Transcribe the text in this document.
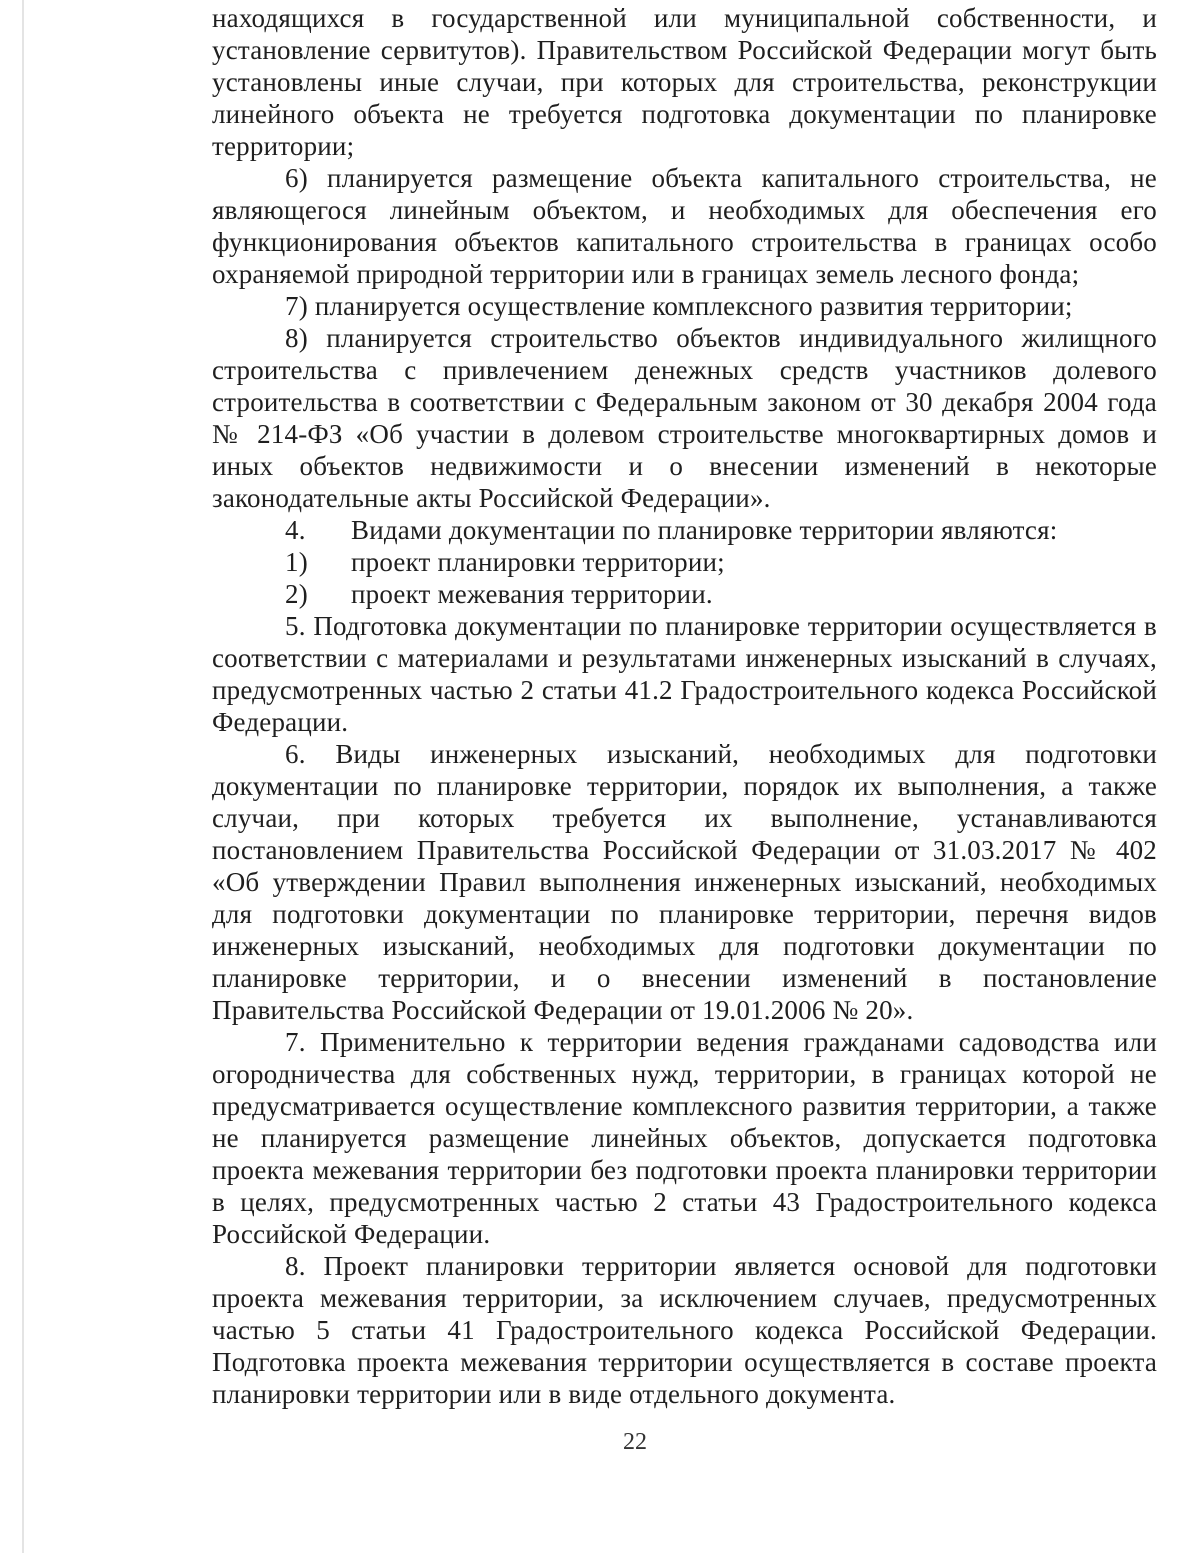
находящихся в государственной или муниципальной собственности, и установление сервитутов). Правительством Российской Федерации могут быть установлены иные случаи, при которых для строительства, реконструкции линейного объекта не требуется подготовка документации по планировке территории;

6) планируется размещение объекта капитального строительства, не являющегося линейным объектом, и необходимых для обеспечения его функционирования объектов капитального строительства в границах особо охраняемой природной территории или в границах земель лесного фонда;

7) планируется осуществление комплексного развития территории;

8) планируется строительство объектов индивидуального жилищного строительства с привлечением денежных средств участников долевого строительства в соответствии с Федеральным законом от 30 декабря 2004 года № 214-ФЗ «Об участии в долевом строительстве многоквартирных домов и иных объектов недвижимости и о внесении изменений в некоторые законодательные акты Российской Федерации».

4.	Видами документации по планировке территории являются:
1)	проект планировки территории;
2)	проект межевания территории.

5. Подготовка документации по планировке территории осуществляется в соответствии с материалами и результатами инженерных изысканий в случаях, предусмотренных частью 2 статьи 41.2 Градостроительного кодекса Российской Федерации.

6. Виды инженерных изысканий, необходимых для подготовки документации по планировке территории, порядок их выполнения, а также случаи, при которых требуется их выполнение, устанавливаются постановлением Правительства Российской Федерации от 31.03.2017 № 402 «Об утверждении Правил выполнения инженерных изысканий, необходимых для подготовки документации по планировке территории, перечня видов инженерных изысканий, необходимых для подготовки документации по планировке территории, и о внесении изменений в постановление Правительства Российской Федерации от 19.01.2006 № 20».

7. Применительно к территории ведения гражданами садоводства или огородничества для собственных нужд, территории, в границах которой не предусматривается осуществление комплексного развития территории, а также не планируется размещение линейных объектов, допускается подготовка проекта межевания территории без подготовки проекта планировки территории в целях, предусмотренных частью 2 статьи 43 Градостроительного кодекса Российской Федерации.

8. Проект планировки территории является основой для подготовки проекта межевания территории, за исключением случаев, предусмотренных частью 5 статьи 41 Градостроительного кодекса Российской Федерации. Подготовка проекта межевания территории осуществляется в составе проекта планировки территории или в виде отдельного документа.

22
